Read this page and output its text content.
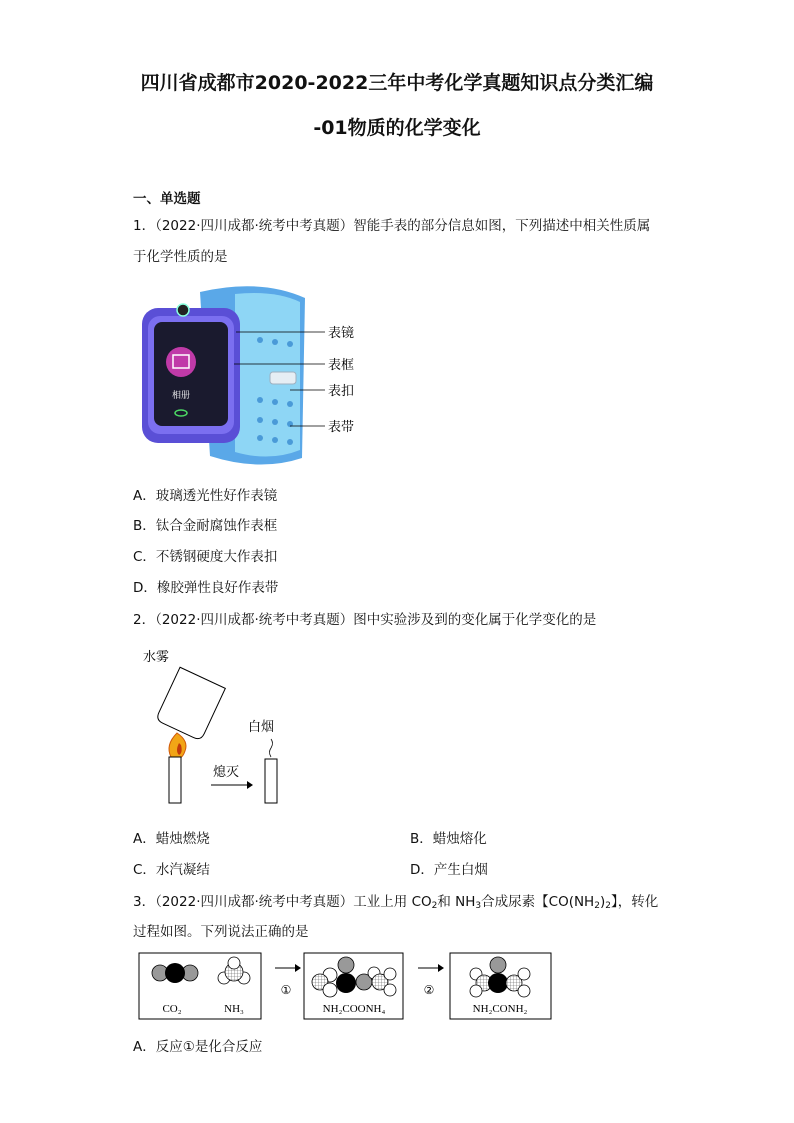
四川省成都市2020-2022三年中考化学真题知识点分类汇编
-01物质的化学变化
一、单选题
1．（2022·四川成都·统考中考真题）智能手表的部分信息如图，下列描述中相关性质属
于化学性质的是
相册
表镜
表框
表扣
表带
A．玻璃透光性好作表镜
B．钛合金耐腐蚀作表框
C．不锈钢硬度大作表扣
D．橡胶弹性良好作表带
2．（2022·四川成都·统考中考真题）图中实验涉及到的变化属于化学变化的是
水雾
熄灭
白烟
A．蜡烛燃烧	B．蜡烛熔化
C．水汽凝结	D．产生白烟
3．（2022·四川成都·统考中考真题）工业上用 $CO_2$和 $NH_3$合成尿素【$CO(NH_2)_2$】，转化
过程如图。下列说法正确的是
CO₂	NH₃
①
NH₂COONH₄
②
NH₂CONH₂
A．反应①是化合反应
